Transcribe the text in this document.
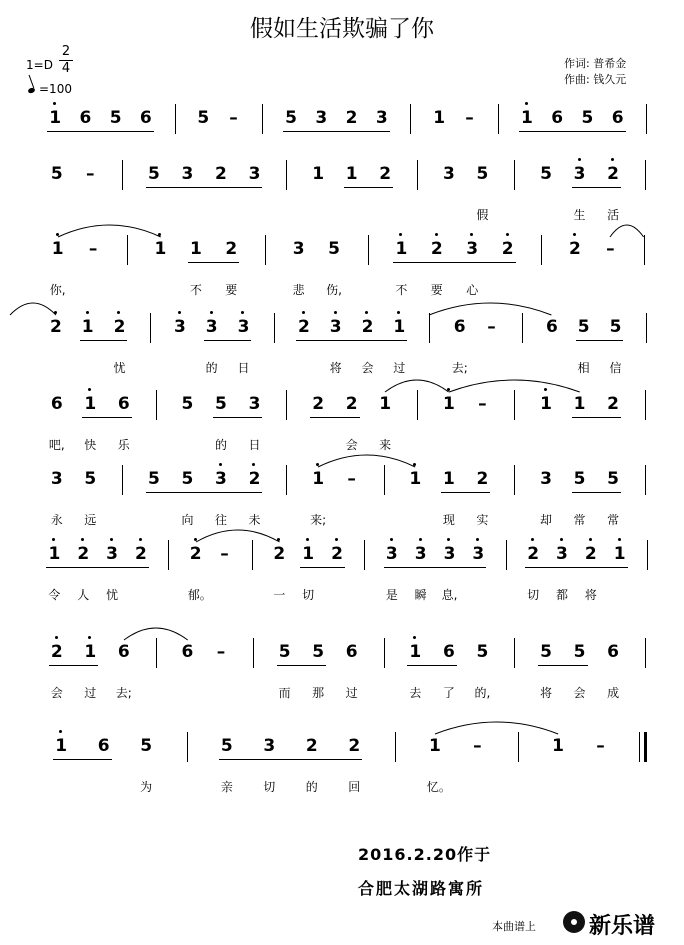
假如生活欺骗了你
1=D
2
4
=100
作词: 普希金
作曲: 钱久元
1 6 5 6	5 –	5 3 2 3	1 –	1 6 5 6
5 –	5 3 2 3	1 1 2	3 5
假
5 3
生
2
活
1
你,
–	1 1
不
2
要
3
悲
5
伤,
1
不
2
要
3
心
2	2 –
2 1 2
忧
3 3
的
3
日
2 3
将
2
会
1
过
6
去;
–	6 5
相
5
信
6
吧,
1
快
6
乐
5 5
的
3
日
2 2
会
1
来
1 –	1 1 2
3
永
5
远
5 5
向
3
往
2
未
1
来;
–	1 1
现
2
实
3
却
5
常
5
常
1
令
2
人
3
忧
2	2
郁。
–	2
一
1
切
2	3
是
3
瞬
3
息,
3	2
切
3
都
2
将
1
2
会
1
过
6
去;
6 –	5
而
5
那
6
过
1
去
6
了
5
的,
5
将
5
会
6
成
1 6 5
为
5
亲
3
切
2
的
2
回
1
忆。
–	1 –
2016.2.20作于
合肥太湖路寓所
本曲谱上 新乐谱
